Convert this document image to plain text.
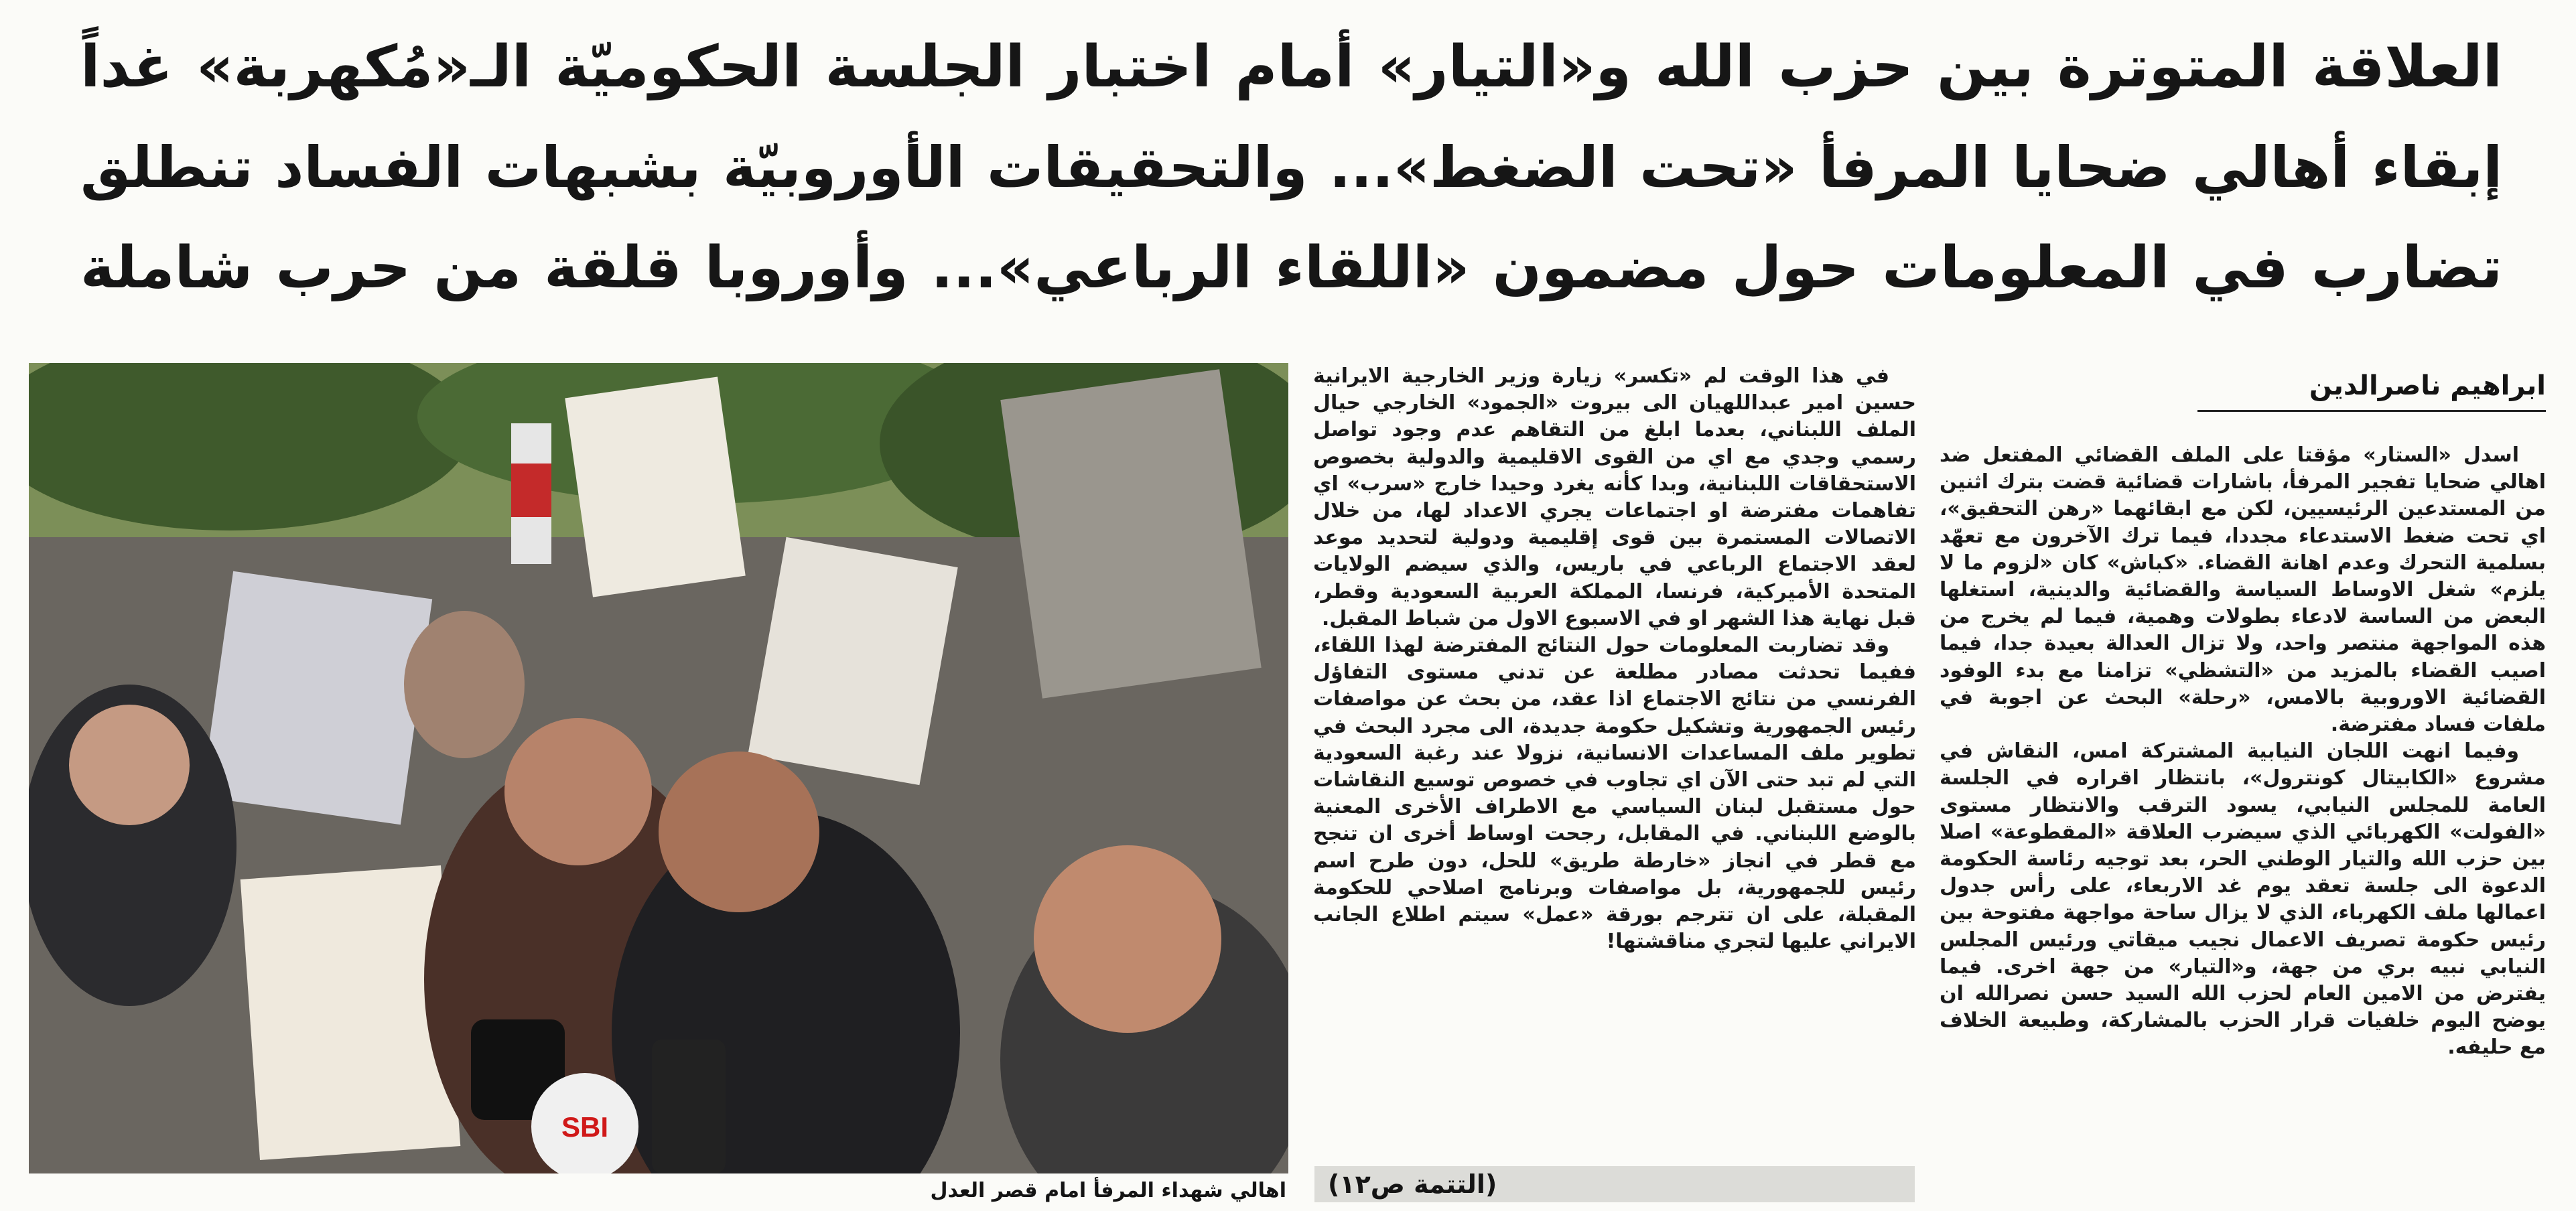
العلاقة المتوترة بين حزب الله و«التيار» أمام اختبار الجلسة الحكوميّة الـ«مُكهربة» غداً
إبقاء أهالي ضحايا المرفأ «تحت الضغط»... والتحقيقات الأوروبيّة بشبهات الفساد تنطلق
تضارب في المعلومات حول مضمون «اللقاء الرباعي»... وأوروبا قلقة من حرب شاملة
ابراهيم ناصرالدين

اسدل «الستار» مؤقتا على الملف القضائي المفتعل ضد اهالي ضحايا تفجير المرفأ، باشارات قضائية قضت بترك اثنين من المستدعين الرئيسيين، لكن مع ابقائهما «رهن التحقيق»، اي تحت ضغط الاستدعاء مجددا، فيما ترك الآخرون مع تعهّد بسلمية التحرك وعدم اهانة القضاء. «كباش» كان «لزوم ما لا يلزم» شغل الاوساط السياسة والقضائية والدينية، استغلها البعض من الساسة لادعاء بطولات وهمية، فيما لم يخرج من هذه المواجهة منتصر واحد، ولا تزال العدالة بعيدة جدا، فيما اصيب القضاء بالمزيد من «التشظي» تزامنا مع بدء الوفود القضائية الاوروبية بالامس، «رحلة» البحث عن اجوبة في ملفات فساد مفترضة.

وفيما انهت اللجان النيابية المشتركة امس، النقاش في مشروع «الكابيتال كونترول»، بانتظار اقراره في الجلسة العامة للمجلس النيابي، يسود الترقب والانتظار مستوى «الفولت» الكهربائي الذي سيضرب العلاقة «المقطوعة» اصلا بين حزب الله والتيار الوطني الحر، بعد توجيه رئاسة الحكومة الدعوة الى جلسة تعقد يوم غد الاربعاء، على رأس جدول اعمالها ملف الكهرباء، الذي لا يزال ساحة مواجهة مفتوحة بين رئيس حكومة تصريف الاعمال نجيب ميقاتي ورئيس المجلس النيابي نبيه بري من جهة، و«التيار» من جهة اخرى. فيما يفترض من الامين العام لحزب الله السيد حسن نصرالله ان يوضح اليوم خلفيات قرار الحزب بالمشاركة، وطبيعة الخلاف مع حليفه.

في هذا الوقت لم «تكسر» زيارة وزير الخارجية الايرانية حسين امير عبداللهيان الى بيروت «الجمود» الخارجي حيال الملف اللبناني، بعدما ابلغ من التقاهم عدم وجود تواصل رسمي وجدي مع اي من القوى الاقليمية والدولية بخصوص الاستحقاقات اللبنانية، وبدا كأنه يغرد وحيدا خارج «سرب» اي تفاهمات مفترضة او اجتماعات يجري الاعداد لها، من خلال الاتصالات المستمرة بين قوى إقليمية ودولية لتحديد موعد لعقد الاجتماع الرباعي في باريس، والذي سيضم الولايات المتحدة الأميركية، فرنسا، المملكة العربية السعودية وقطر، قبل نهاية هذا الشهر او في الاسبوع الاول من شباط المقبل.

وقد تضاربت المعلومات حول النتائج المفترضة لهذا اللقاء، ففيما تحدثت مصادر مطلعة عن تدني مستوى التفاؤل الفرنسي من نتائج الاجتماع اذا عقد، من بحث عن مواصفات رئيس الجمهورية وتشكيل حكومة جديدة، الى مجرد البحث في تطوير ملف المساعدات الانسانية، نزولا عند رغبة السعودية التي لم تبد حتى الآن اي تجاوب في خصوص توسيع النقاشات حول مستقبل لبنان السياسي مع الاطراف الأخرى المعنية بالوضع اللبناني. في المقابل، رجحت اوساط أخرى ان تنجح مع قطر في انجاز «خارطة طريق» للحل، دون طرح اسم رئيس للجمهورية، بل مواصفات وبرنامج اصلاحي للحكومة المقبلة، على ان تترجم بورقة «عمل» سيتم اطلاع الجانب الايراني عليها لتجري مناقشتها!

(التتمة ص١٢)
SBI
اهالي شهداء المرفأ امام قصر العدل
